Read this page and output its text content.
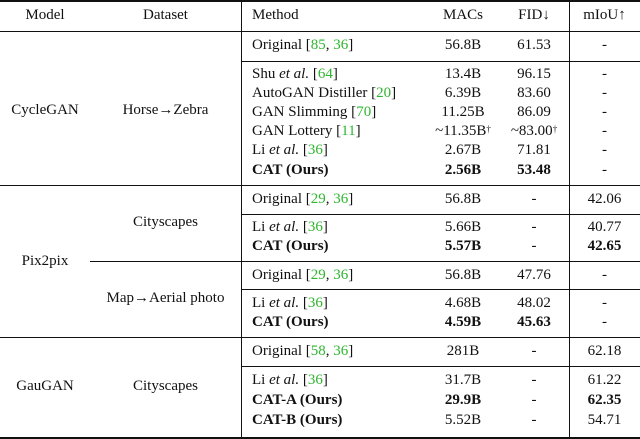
Model	Dataset	Method	MACs	FID↓	mIoU↑
CycleGAN	Horse→Zebra
Original [85, 36]	56.8B	61.53	-
Shu et al. [64]	13.4B	96.15	-
AutoGAN Distiller [20]	6.39B	83.60	-
GAN Slimming [70]	11.25B	86.09	-
GAN Lottery [11]	~11.35B†	~83.00†	-
Li et al. [36]	2.67B	71.81	-
CAT (Ours)	2.56B	53.48	-
Pix2pix
Cityscapes
Map→Aerial photo
Original [29, 36]	56.8B	-	42.06
Li et al. [36]	5.66B	-	40.77
CAT (Ours)	5.57B	-	42.65
Original [29, 36]	56.8B	47.76	-
Li et al. [36]	4.68B	48.02	-
CAT (Ours)	4.59B	45.63	-
GauGAN	Cityscapes
Original [58, 36]	281B	-	62.18
Li et al. [36]	31.7B	-	61.22
CAT-A (Ours)	29.9B	-	62.35
CAT-B (Ours)	5.52B	-	54.71
